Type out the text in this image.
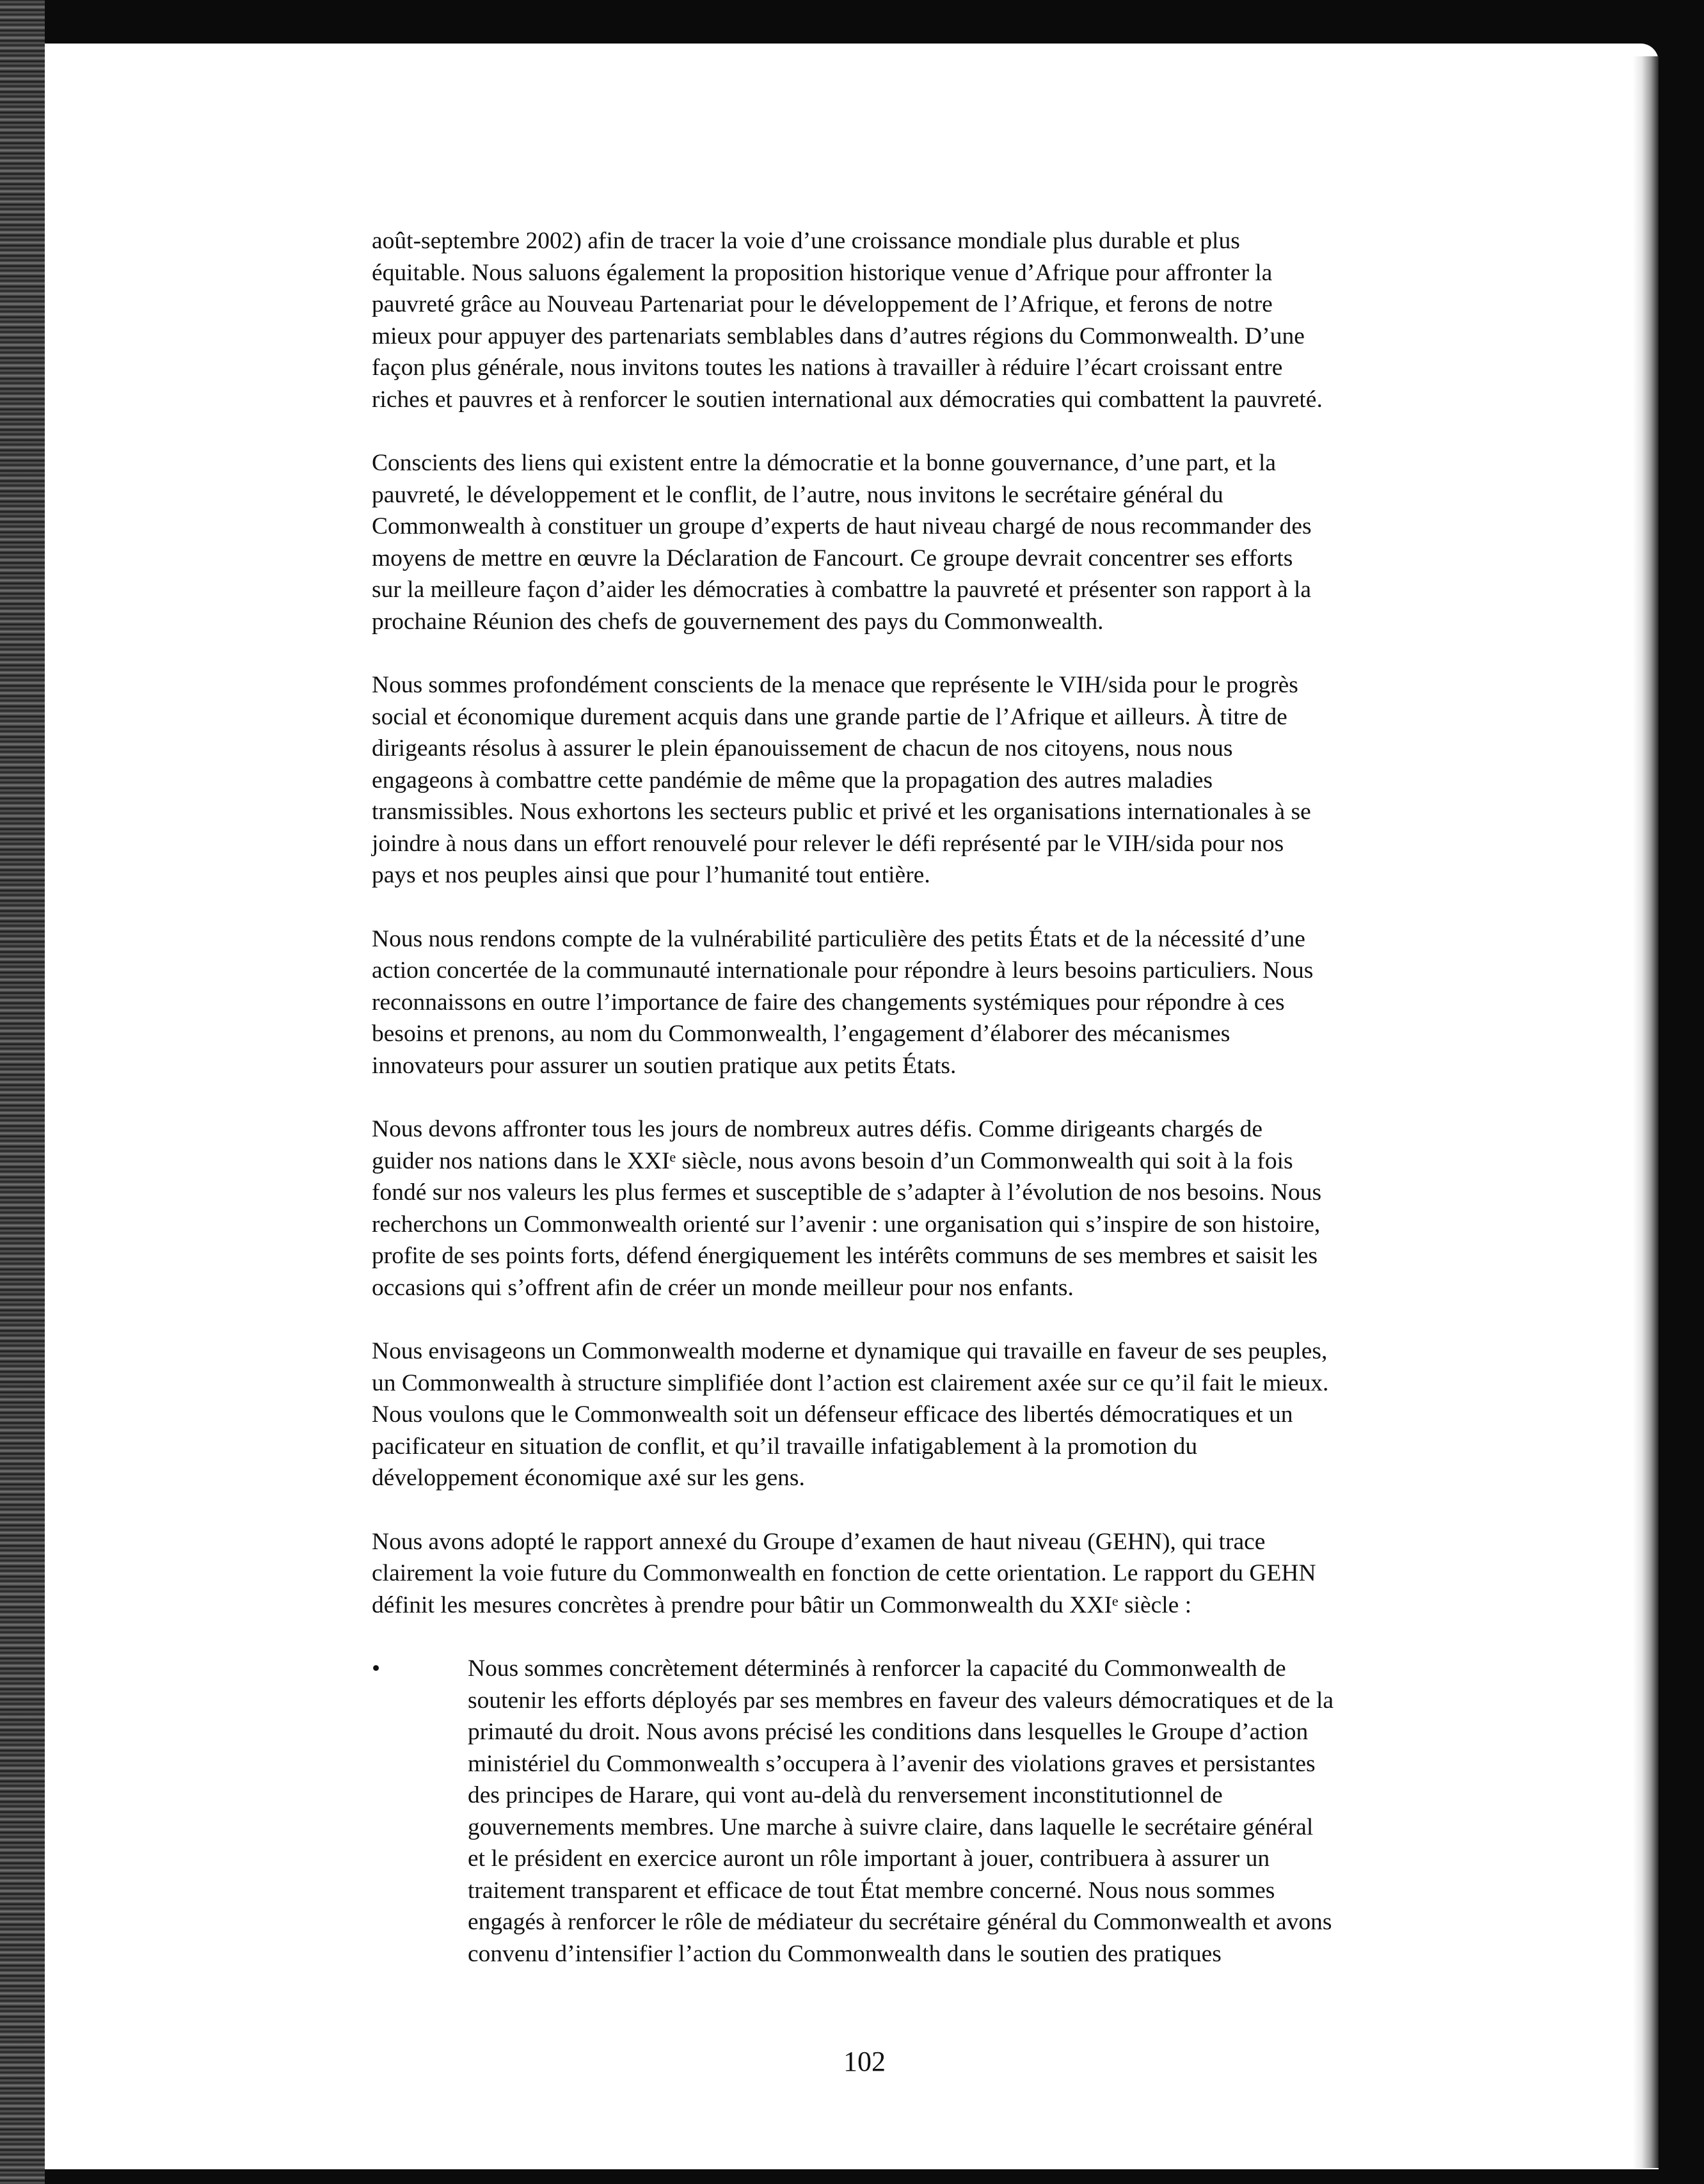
août-septembre 2002) afin de tracer la voie d’une croissance mondiale plus durable et plus
équitable. Nous saluons également la proposition historique venue d’Afrique pour affronter la
pauvreté grâce au Nouveau Partenariat pour le développement de l’Afrique, et ferons de notre
mieux pour appuyer des partenariats semblables dans d’autres régions du Commonwealth. D’une
façon plus générale, nous invitons toutes les nations à travailler à réduire l’écart croissant entre
riches et pauvres et à renforcer le soutien international aux démocraties qui combattent la pauvreté.

Conscients des liens qui existent entre la démocratie et la bonne gouvernance, d’une part, et la
pauvreté, le développement et le conflit, de l’autre, nous invitons le secrétaire général du
Commonwealth à constituer un groupe d’experts de haut niveau chargé de nous recommander des
moyens de mettre en œuvre la Déclaration de Fancourt. Ce groupe devrait concentrer ses efforts
sur la meilleure façon d’aider les démocraties à combattre la pauvreté et présenter son rapport à la
prochaine Réunion des chefs de gouvernement des pays du Commonwealth.

Nous sommes profondément conscients de la menace que représente le VIH/sida pour le progrès
social et économique durement acquis dans une grande partie de l’Afrique et ailleurs. À titre de
dirigeants résolus à assurer le plein épanouissement de chacun de nos citoyens, nous nous
engageons à combattre cette pandémie de même que la propagation des autres maladies
transmissibles. Nous exhortons les secteurs public et privé et les organisations internationales à se
joindre à nous dans un effort renouvelé pour relever le défi représenté par le VIH/sida pour nos
pays et nos peuples ainsi que pour l’humanité tout entière.

Nous nous rendons compte de la vulnérabilité particulière des petits États et de la nécessité d’une
action concertée de la communauté internationale pour répondre à leurs besoins particuliers. Nous
reconnaissons en outre l’importance de faire des changements systémiques pour répondre à ces
besoins et prenons, au nom du Commonwealth, l’engagement d’élaborer des mécanismes
innovateurs pour assurer un soutien pratique aux petits États.

Nous devons affronter tous les jours de nombreux autres défis. Comme dirigeants chargés de
guider nos nations dans le XXIᵉ siècle, nous avons besoin d’un Commonwealth qui soit à la fois
fondé sur nos valeurs les plus fermes et susceptible de s’adapter à l’évolution de nos besoins. Nous
recherchons un Commonwealth orienté sur l’avenir : une organisation qui s’inspire de son histoire,
profite de ses points forts, défend énergiquement les intérêts communs de ses membres et saisit les
occasions qui s’offrent afin de créer un monde meilleur pour nos enfants.

Nous envisageons un Commonwealth moderne et dynamique qui travaille en faveur de ses peuples,
un Commonwealth à structure simplifiée dont l’action est clairement axée sur ce qu’il fait le mieux.
Nous voulons que le Commonwealth soit un défenseur efficace des libertés démocratiques et un
pacificateur en situation de conflit, et qu’il travaille infatigablement à la promotion du
développement économique axé sur les gens.

Nous avons adopté le rapport annexé du Groupe d’examen de haut niveau (GEHN), qui trace
clairement la voie future du Commonwealth en fonction de cette orientation. Le rapport du GEHN
définit les mesures concrètes à prendre pour bâtir un Commonwealth du XXIᵉ siècle :

•	Nous sommes concrètement déterminés à renforcer la capacité du Commonwealth de
soutenir les efforts déployés par ses membres en faveur des valeurs démocratiques et de la
primauté du droit. Nous avons précisé les conditions dans lesquelles le Groupe d’action
ministériel du Commonwealth s’occupera à l’avenir des violations graves et persistantes
des principes de Harare, qui vont au-delà du renversement inconstitutionnel de
gouvernements membres. Une marche à suivre claire, dans laquelle le secrétaire général
et le président en exercice auront un rôle important à jouer, contribuera à assurer un
traitement transparent et efficace de tout État membre concerné. Nous nous sommes
engagés à renforcer le rôle de médiateur du secrétaire général du Commonwealth et avons
convenu d’intensifier l’action du Commonwealth dans le soutien des pratiques

102
